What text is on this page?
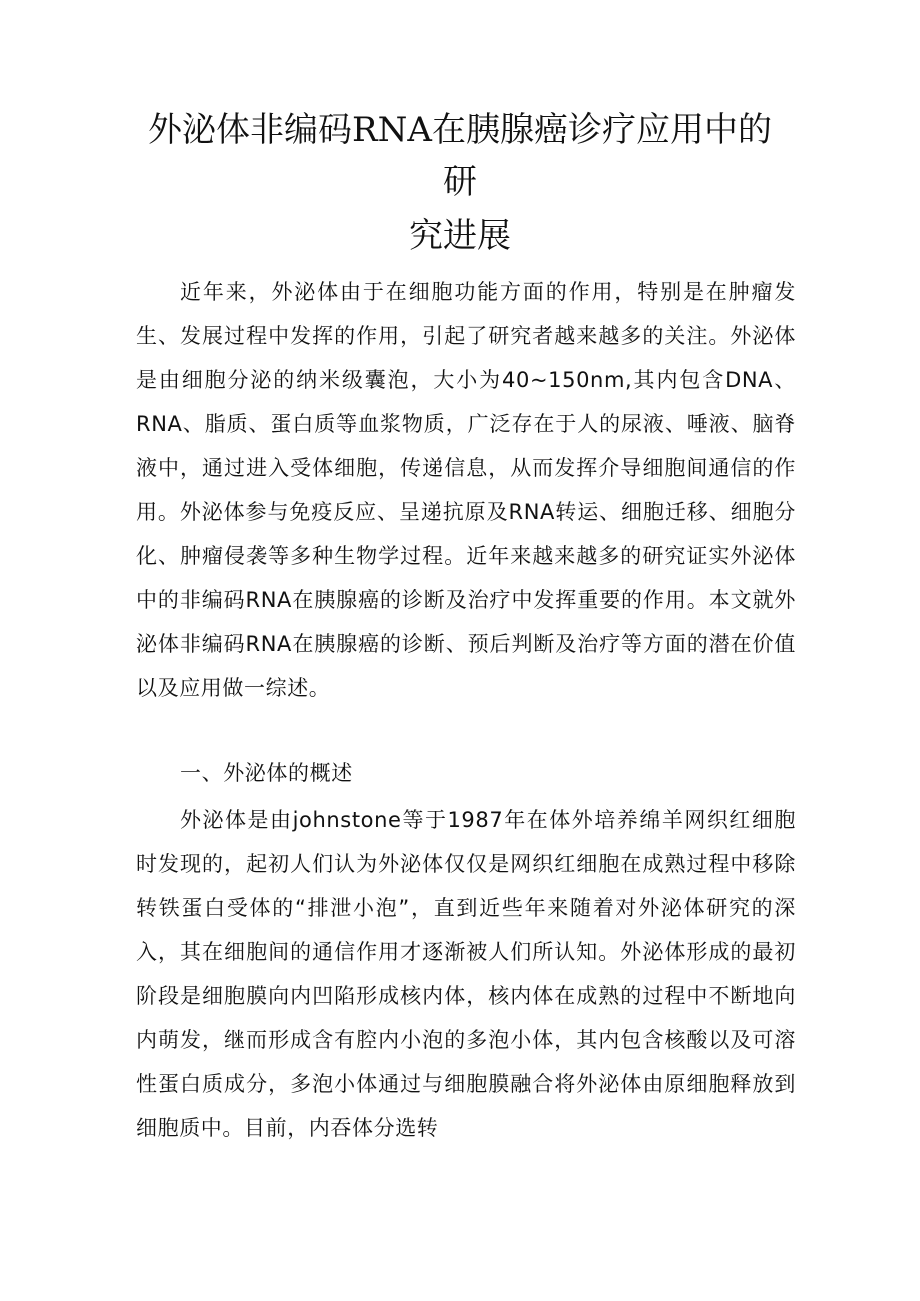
外泌体非编码RNA在胰腺癌诊疗应用中的
研
究进展

近年来，外泌体由于在细胞功能方面的作用，特别是在肿瘤发生、发展过程中发挥的作用，引起了研究者越来越多的关注。外泌体是由细胞分泌的纳米级囊泡，大小为40~150nm,其内包含DNA、RNA、脂质、蛋白质等血浆物质，广泛存在于人的尿液、唾液、脑脊液中，通过进入受体细胞，传递信息，从而发挥介导细胞间通信的作用。外泌体参与免疫反应、呈递抗原及RNA转运、细胞迁移、细胞分化、肿瘤侵袭等多种生物学过程。近年来越来越多的研究证实外泌体中的非编码RNA在胰腺癌的诊断及治疗中发挥重要的作用。本文就外泌体非编码RNA在胰腺癌的诊断、预后判断及治疗等方面的潜在价值以及应用做一综述。

一、外泌体的概述

外泌体是由johnstone等于1987年在体外培养绵羊网织红细胞时发现的，起初人们认为外泌体仅仅是网织红细胞在成熟过程中移除转铁蛋白受体的“排泄小泡”，直到近些年来随着对外泌体研究的深入，其在细胞间的通信作用才逐渐被人们所认知。外泌体形成的最初阶段是细胞膜向内凹陷形成核内体，核内体在成熟的过程中不断地向内萌发，继而形成含有腔内小泡的多泡小体，其内包含核酸以及可溶性蛋白质成分，多泡小体通过与细胞膜融合将外泌体由原细胞释放到细胞质中。目前，内吞体分选转
